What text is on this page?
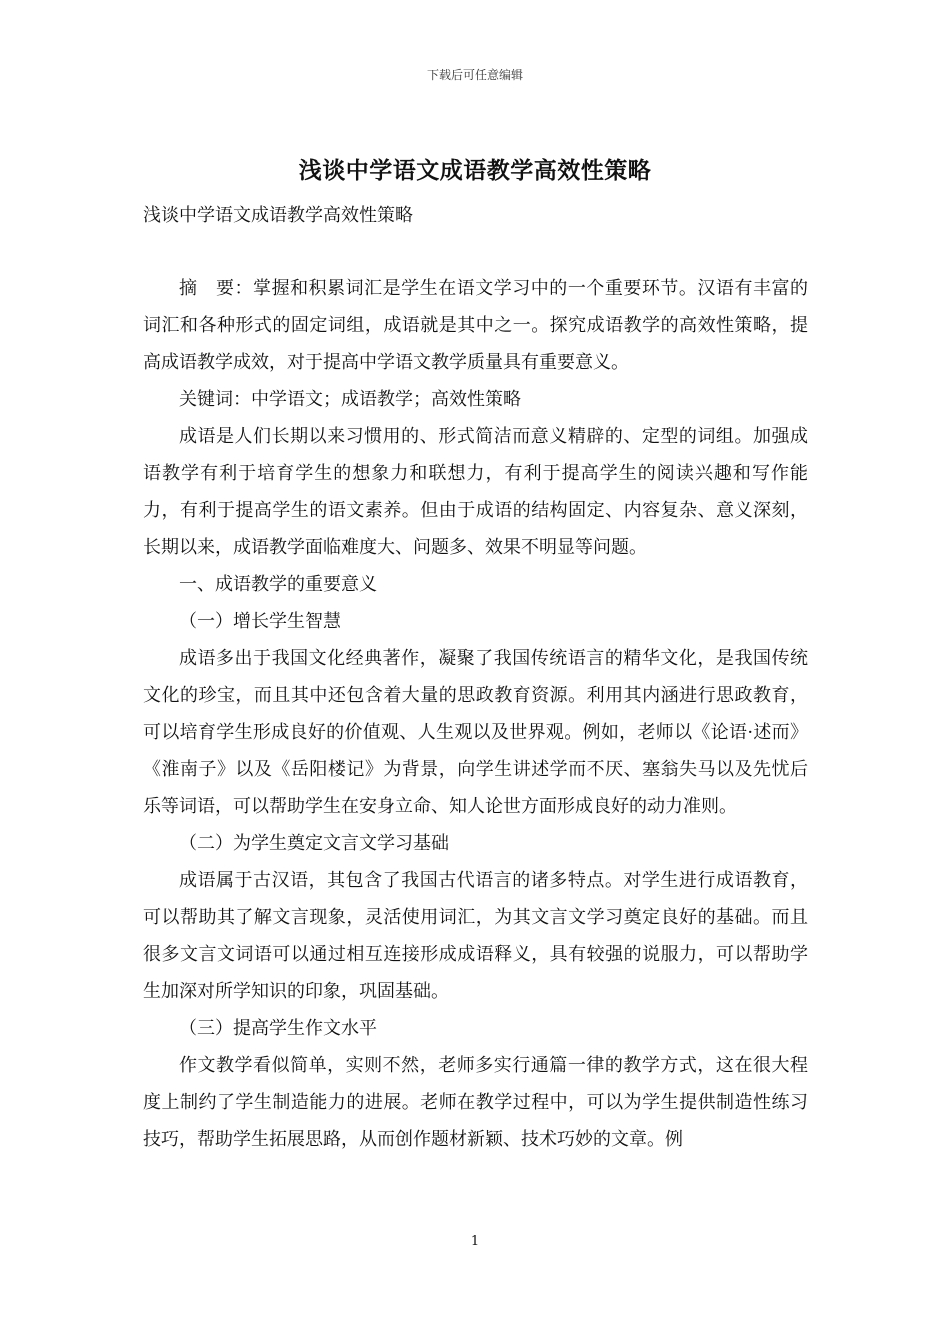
下载后可任意编辑
浅谈中学语文成语教学高效性策略
浅谈中学语文成语教学高效性策略

摘　要：掌握和积累词汇是学生在语文学习中的一个重要环节。汉语有丰富的词汇和各种形式的固定词组，成语就是其中之一。探究成语教学的高效性策略，提高成语教学成效，对于提高中学语文教学质量具有重要意义。

关键词：中学语文；成语教学；高效性策略

成语是人们长期以来习惯用的、形式简洁而意义精辟的、定型的词组。加强成语教学有利于培育学生的想象力和联想力，有利于提高学生的阅读兴趣和写作能力，有利于提高学生的语文素养。但由于成语的结构固定、内容复杂、意义深刻，长期以来，成语教学面临难度大、问题多、效果不明显等问题。

一、成语教学的重要意义

（一）增长学生智慧

成语多出于我国文化经典著作，凝聚了我国传统语言的精华文化，是我国传统文化的珍宝，而且其中还包含着大量的思政教育资源。利用其内涵进行思政教育，可以培育学生形成良好的价值观、人生观以及世界观。例如，老师以《论语·述而》《淮南子》以及《岳阳楼记》为背景，向学生讲述学而不厌、塞翁失马以及先忧后乐等词语，可以帮助学生在安身立命、知人论世方面形成良好的动力准则。

（二）为学生奠定文言文学习基础

成语属于古汉语，其包含了我国古代语言的诸多特点。对学生进行成语教育，可以帮助其了解文言现象，灵活使用词汇，为其文言文学习奠定良好的基础。而且很多文言文词语可以通过相互连接形成成语释义，具有较强的说服力，可以帮助学生加深对所学知识的印象，巩固基础。

（三）提高学生作文水平

作文教学看似简单，实则不然，老师多实行通篇一律的教学方式，这在很大程度上制约了学生制造能力的进展。老师在教学过程中，可以为学生提供制造性练习技巧，帮助学生拓展思路，从而创作题材新颖、技术巧妙的文章。例

1
